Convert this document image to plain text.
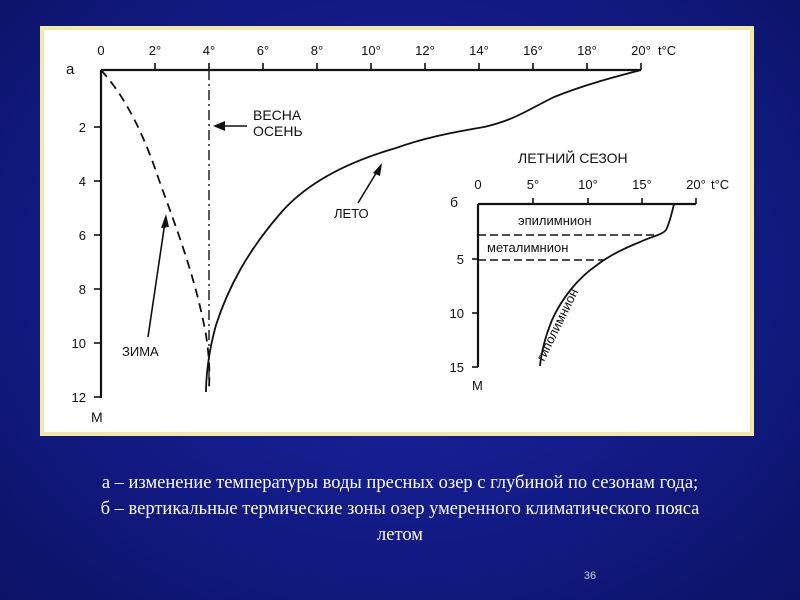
0	2°	4°	6°	8°	10°	12°	14°	16°	18°	20° t°C
а
2
4
6
8
10
12
М
ЗИМА
ВЕСНА
ОСЕНЬ
ЛЕТО
ЛЕТНИЙ СЕЗОН
б
0	5°	10°	15°	20° t°C
5
10
15
М
эпилимнион
металимнион
гиполимнион
а – изменение температуры воды пресных озер с глубиной по сезонам года;
б – вертикальные термические зоны озер умеренного климатического пояса
летом
36
